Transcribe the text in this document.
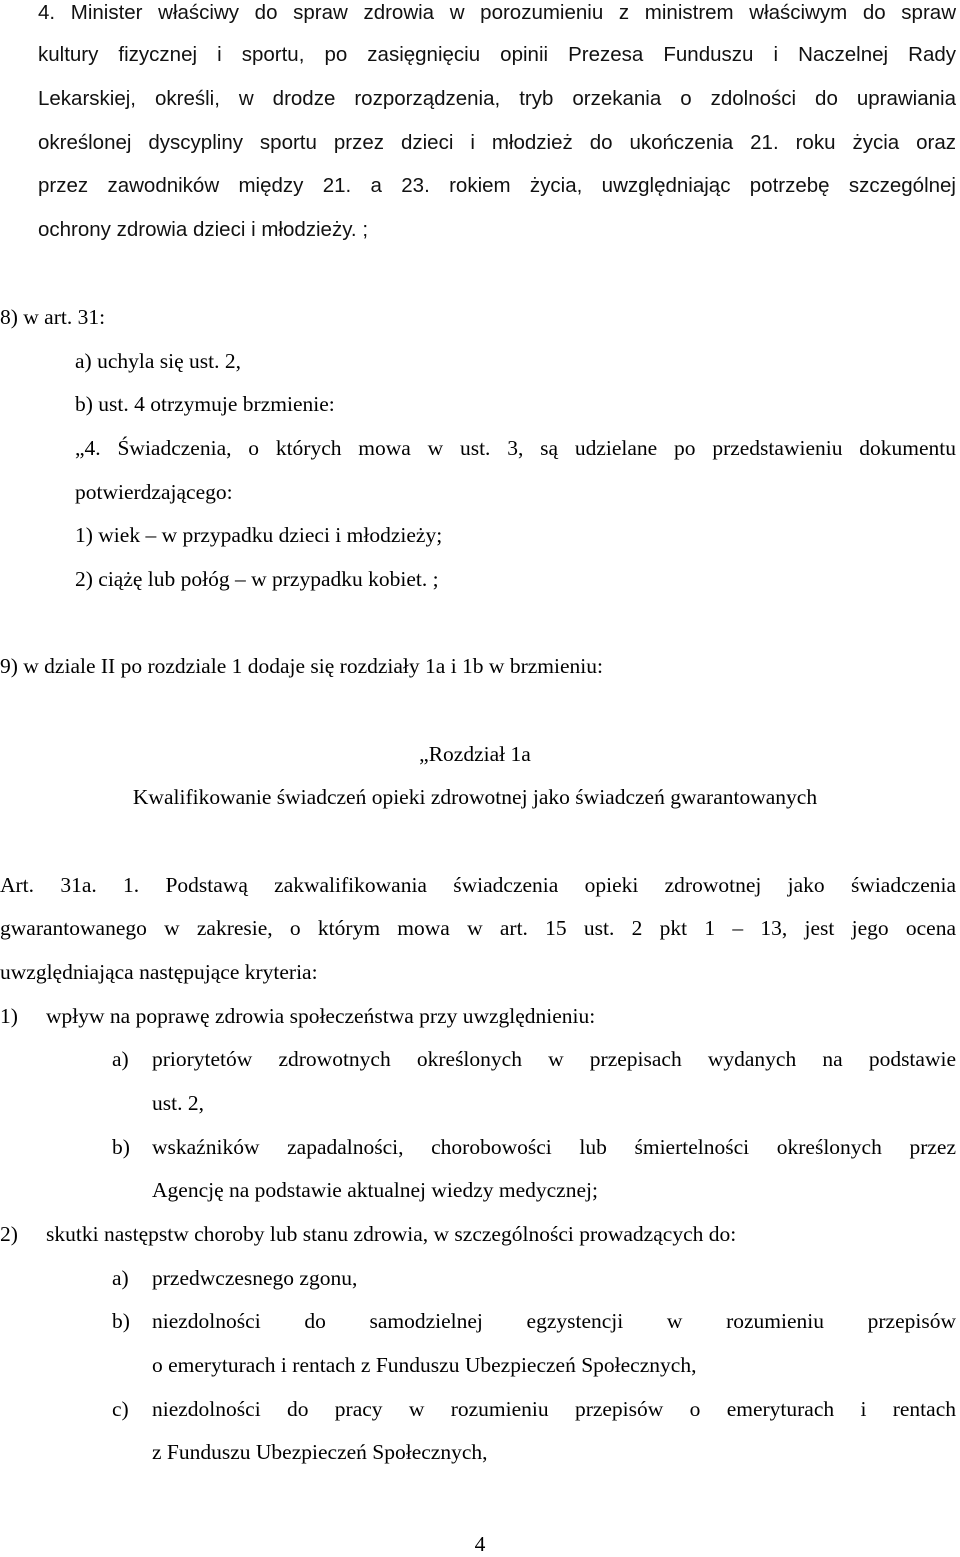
4. Minister właściwy do spraw zdrowia w porozumieniu z ministrem właściwym do spraw
kultury fizycznej i sportu, po zasięgnięciu opinii Prezesa Funduszu i Naczelnej Rady
Lekarskiej, określi, w drodze rozporządzenia, tryb orzekania o zdolności do uprawiania
określonej dyscypliny sportu przez dzieci i młodzież do ukończenia 21. roku życia oraz
przez zawodników między 21. a 23. rokiem życia, uwzględniając potrzebę szczególnej
ochrony zdrowia dzieci i młodzieży. ;
8) w art. 31:
a) uchyla się ust. 2,
b) ust. 4 otrzymuje brzmienie:
„4. Świadczenia, o których mowa w ust. 3, są udzielane po przedstawieniu dokumentu
potwierdzającego:
1) wiek – w przypadku dzieci i młodzieży;
2) ciążę lub połóg – w przypadku kobiet. ;
9) w dziale II po rozdziale 1 dodaje się rozdziały 1a i 1b w brzmieniu:
„Rozdział 1a
Kwalifikowanie świadczeń opieki zdrowotnej jako świadczeń gwarantowanych
Art. 31a. 1. Podstawą zakwalifikowania świadczenia opieki zdrowotnej jako świadczenia
gwarantowanego w zakresie, o którym mowa w art. 15 ust. 2 pkt 1 – 13, jest jego ocena
uwzględniająca następujące kryteria:
1) wpływ na poprawę zdrowia społeczeństwa przy uwzględnieniu:
a) priorytetów zdrowotnych określonych w przepisach wydanych na podstawie
ust. 2,
b) wskaźników zapadalności, chorobowości lub śmiertelności określonych przez
Agencję na podstawie aktualnej wiedzy medycznej;
2) skutki następstw choroby lub stanu zdrowia, w szczególności prowadzących do:
a) przedwczesnego zgonu,
b) niezdolności do samodzielnej egzystencji w rozumieniu przepisów
o emeryturach i rentach z Funduszu Ubezpieczeń Społecznych,
c) niezdolności do pracy w rozumieniu przepisów o emeryturach i rentach
z Funduszu Ubezpieczeń Społecznych,
4
